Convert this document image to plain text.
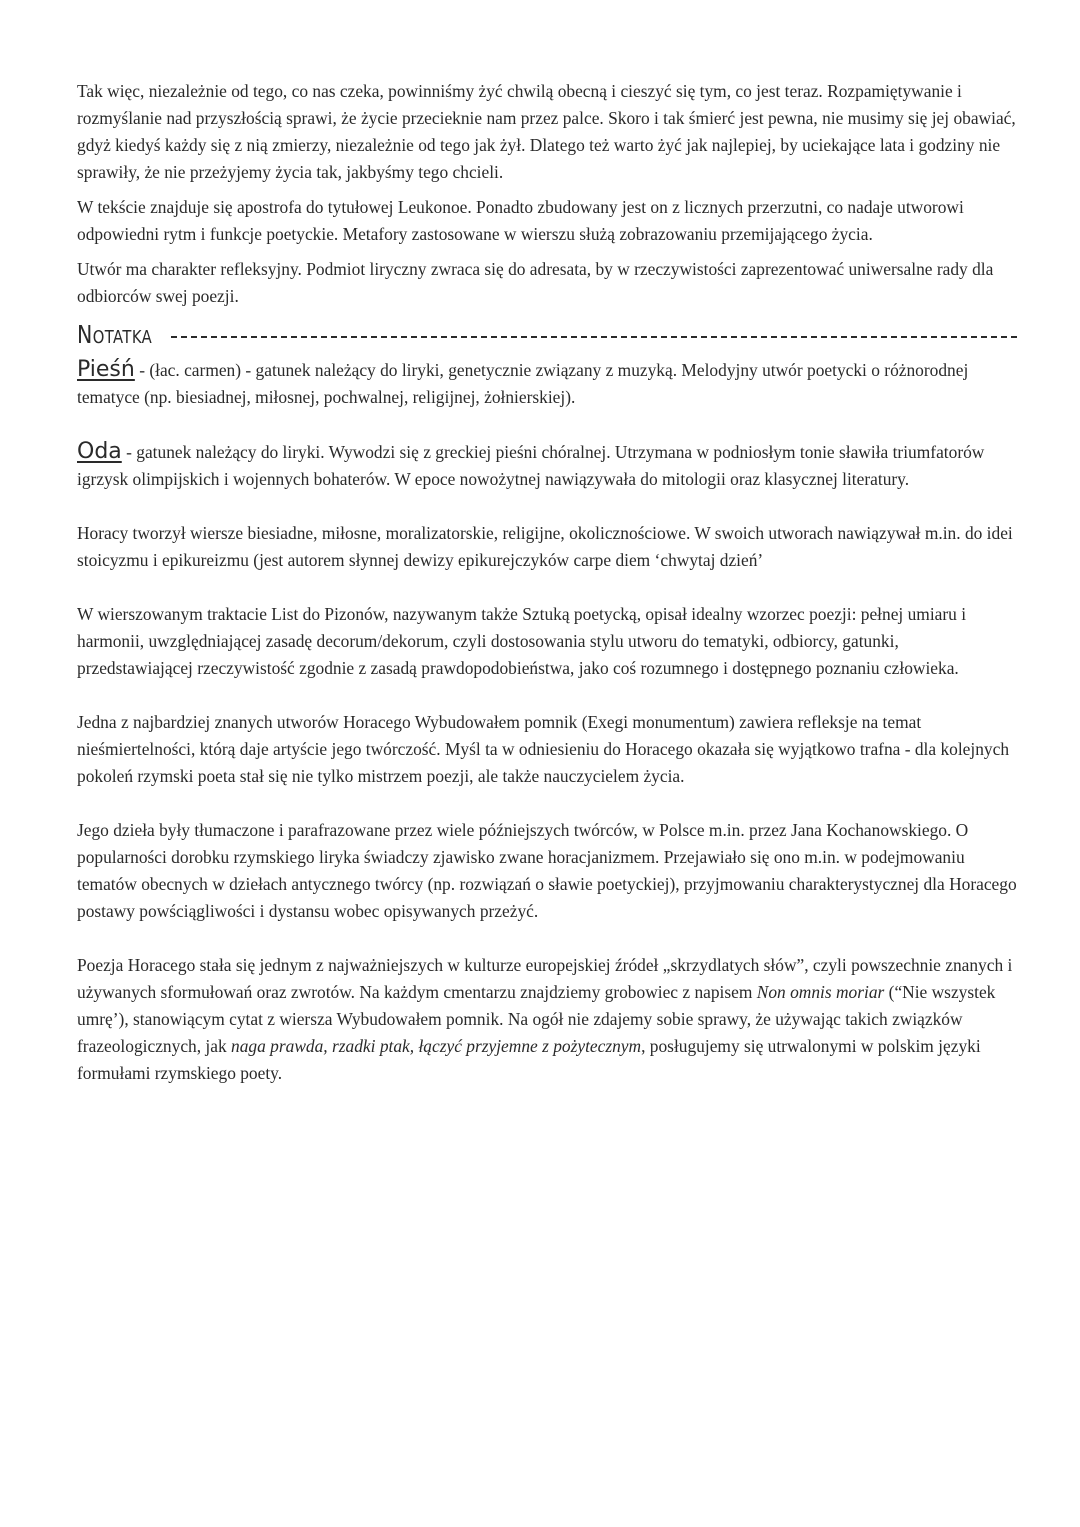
Tak więc, niezależnie od tego, co nas czeka, powinniśmy żyć chwilą obecną i cieszyć się tym, co jest teraz. Rozpamiętywanie i rozmyślanie nad przyszłością sprawi, że życie przecieknie nam przez palce. Skoro i tak śmierć jest pewna, nie musimy się jej obawiać, gdyż kiedyś każdy się z nią zmierzy, niezależnie od tego jak żył. Dlatego też warto żyć jak najlepiej, by uciekające lata i godziny nie sprawiły, że nie przeżyjemy życia tak, jakbyśmy tego chcieli.

W tekście znajduje się apostrofa do tytułowej Leukonoe. Ponadto zbudowany jest on z licznych przerzutni, co nadaje utworowi odpowiedni rytm i funkcje poetyckie. Metafory zastosowane w wierszu służą zobrazowaniu przemijającego życia.

Utwór ma charakter refleksyjny. Podmiot liryczny zwraca się do adresata, by w rzeczywistości zaprezentować uniwersalne rady dla odbiorców swej poezji.

Notatka

Pieśń - (łac. carmen) - gatunek należący do liryki, genetycznie związany z muzyką. Melodyjny utwór poetycki o różnorodnej tematyce (np. biesiadnej, miłosnej, pochwalnej, religijnej, żołnierskiej).

Oda - gatunek należący do liryki. Wywodzi się z greckiej pieśni chóralnej. Utrzymana w podniosłym tonie sławiła triumfatorów igrzysk olimpijskich i wojennych bohaterów. W epoce nowożytnej nawiązywała do mitologii oraz klasycznej literatury.

Horacy tworzył wiersze biesiadne, miłosne, moralizatorskie, religijne, okolicznościowe. W swoich utworach nawiązywał m.in. do idei stoicyzmu i epikureizmu (jest autorem słynnej dewizy epikurejczyków carpe diem ‘chwytaj dzień’

W wierszowanym traktacie List do Pizonów, nazywanym także Sztuką poetycką, opisał idealny wzorzec poezji: pełnej umiaru i harmonii, uwzględniającej zasadę decorum/dekorum, czyli dostosowania stylu utworu do tematyki, odbiorcy, gatunki, przedstawiającej rzeczywistość zgodnie z zasadą prawdopodobieństwa, jako coś rozumnego i dostępnego poznaniu człowieka.

Jedna z najbardziej znanych utworów Horacego Wybudowałem pomnik (Exegi monumentum) zawiera refleksje na temat nieśmiertelności, którą daje artyście jego twórczość. Myśl ta w odniesieniu do Horacego okazała się wyjątkowo trafna - dla kolejnych pokoleń rzymski poeta stał się nie tylko mistrzem poezji, ale także nauczycielem życia.

Jego dzieła były tłumaczone i parafrazowane przez wiele późniejszych twórców, w Polsce m.in. przez Jana Kochanowskiego. O popularności dorobku rzymskiego liryka świadczy zjawisko zwane horacjanizmem. Przejawiało się ono m.in. w podejmowaniu tematów obecnych w dziełach antycznego twórcy (np. rozwiązań o sławie poetyckiej), przyjmowaniu charakterystycznej dla Horacego postawy powściągliwości i dystansu wobec opisywanych przeżyć.

Poezja Horacego stała się jednym z najważniejszych w kulturze europejskiej źródeł „skrzydlatych słów”, czyli powszechnie znanych i używanych sformułowań oraz zwrotów. Na każdym cmentarzu znajdziemy grobowiec z napisem Non omnis moriar (“Nie wszystek umrę’), stanowiącym cytat z wiersza Wybudowałem pomnik. Na ogół nie zdajemy sobie sprawy, że używając takich związków frazeologicznych, jak naga prawda, rzadki ptak, łączyć przyjemne z pożytecznym, posługujemy się utrwalonymi w polskim języki formułami rzymskiego poety.
